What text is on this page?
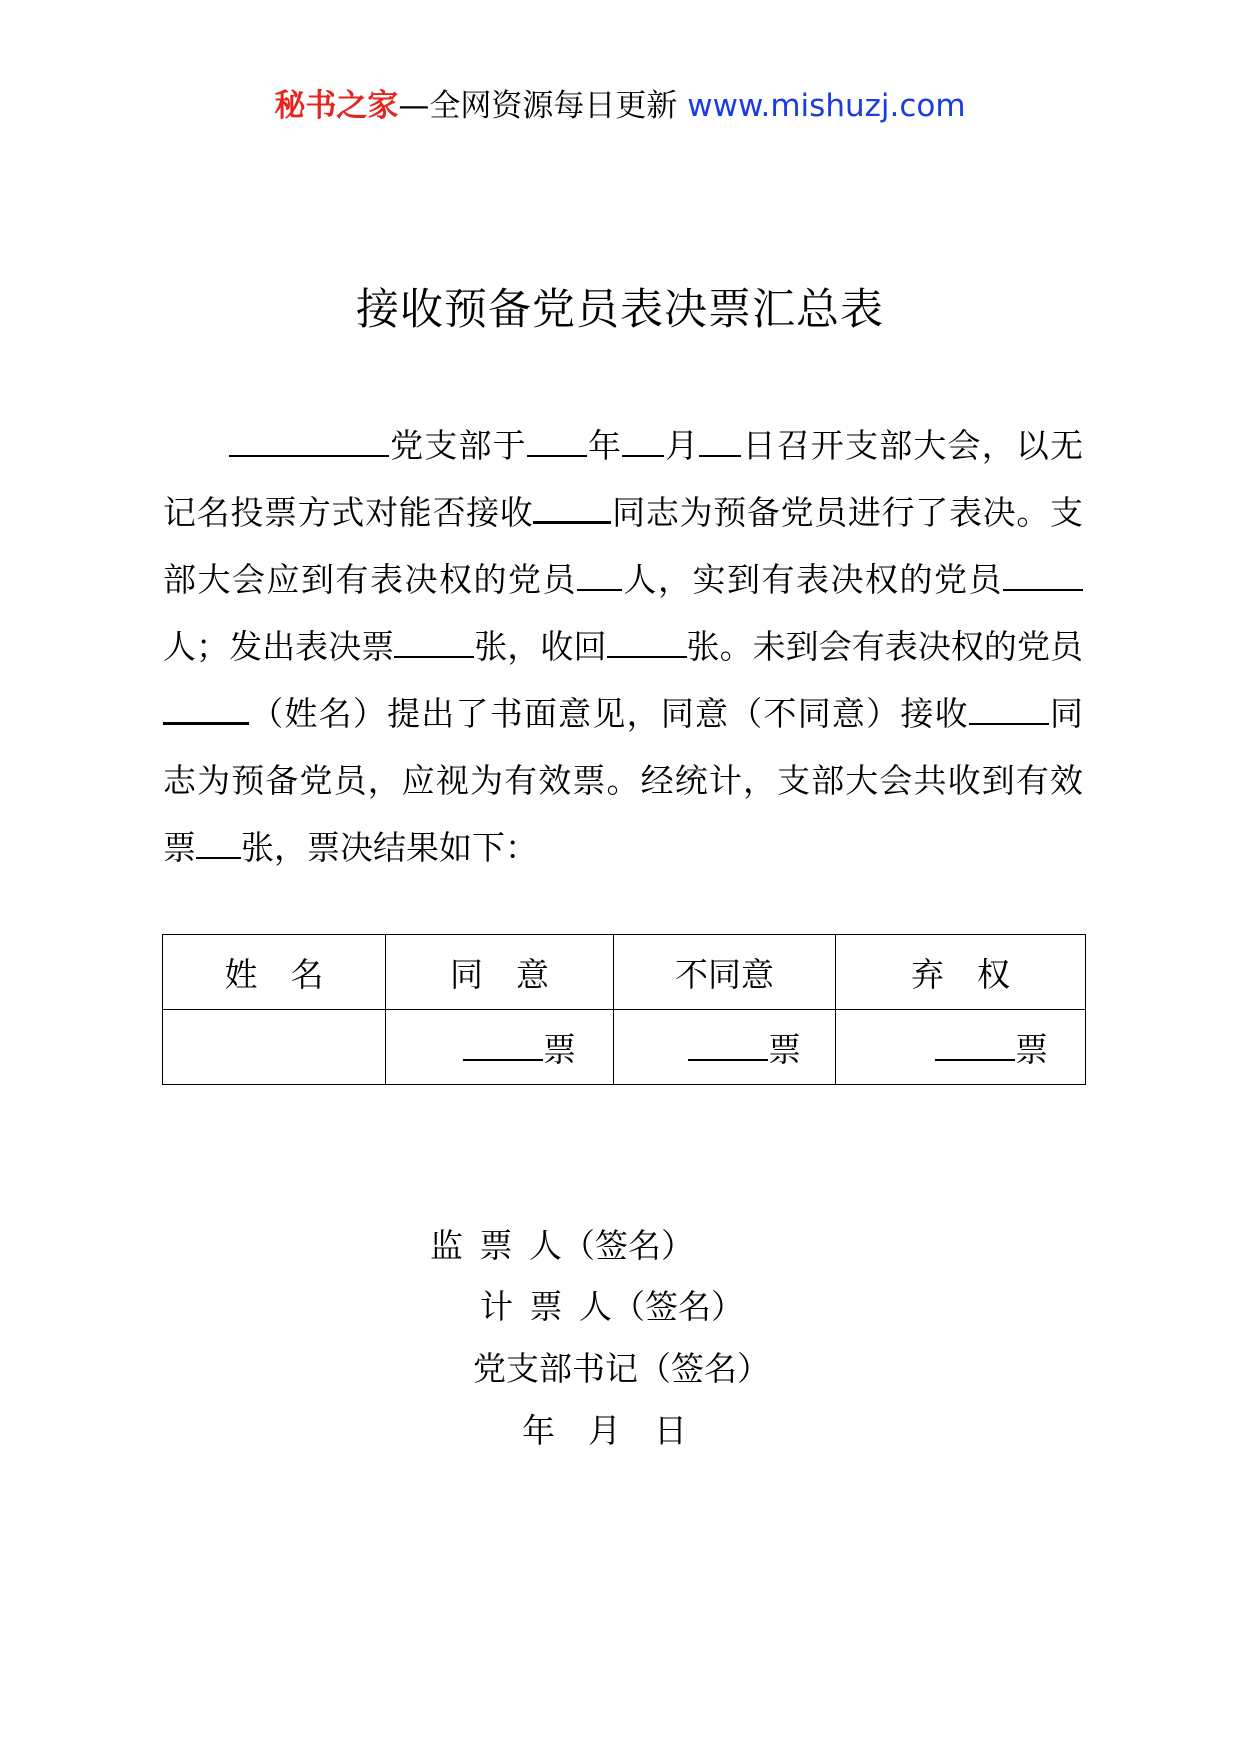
秘书之家—全网资源每日更新 www.mishuzj.com
接收预备党员表决票汇总表
党支部于 年 月 日召开支部大会，以无记名投票方式对能否接收 同志为预备党员进行了表决。支部大会应到有表决权的党员 人，实到有表决权的党员人；发出表决票 张，收回 张。未到会有表决权的党员（姓名）提出了书面意见，同意（不同意）接收 同志为预备党员，应视为有效票。经统计，支部大会共收到有效票 张，票决结果如下：
姓　名	同　意	不同意	弃　权
	票	票	票
监 票 人（签名）
计 票 人（签名）
党支部书记（签名）
年　月　日
